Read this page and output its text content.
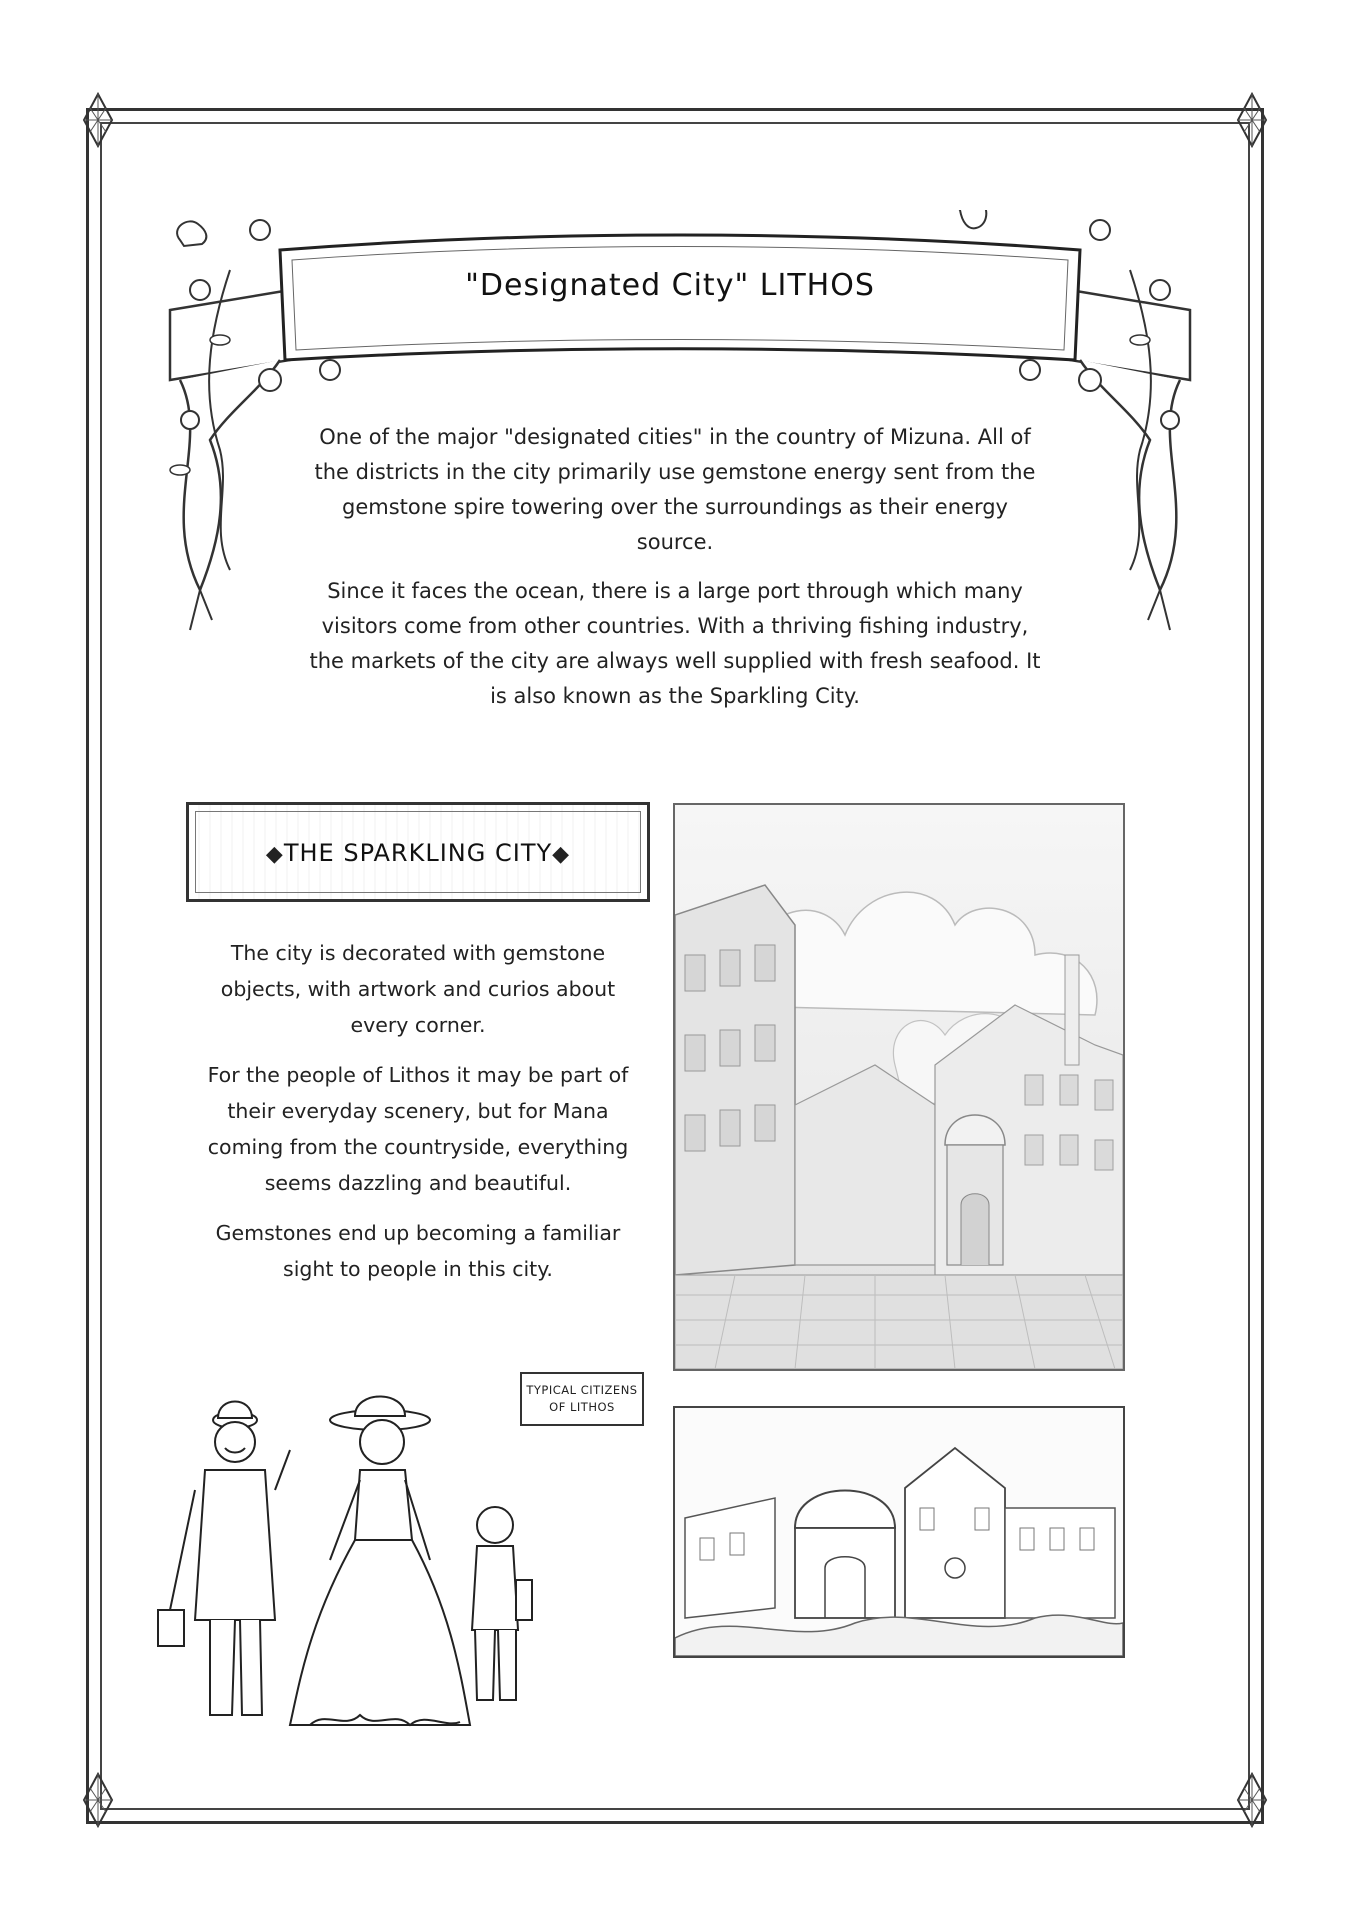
"Designated City" LITHOS

One of the major "designated cities" in the country of Mizuna. All of the districts in the city primarily use gemstone energy sent from the gemstone spire towering over the surroundings as their energy source.

Since it faces the ocean, there is a large port through which many visitors come from other countries. With a thriving fishing industry, the markets of the city are always well supplied with fresh seafood. It is also known as the Sparkling City.

◆THE SPARKLING CITY◆

The city is decorated with gemstone objects, with artwork and curios about every corner.

For the people of Lithos it may be part of their everyday scenery, but for Mana coming from the countryside, everything seems dazzling and beautiful.

Gemstones end up becoming a familiar sight to people in this city.

TYPICAL CITIZENS
OF LITHOS
